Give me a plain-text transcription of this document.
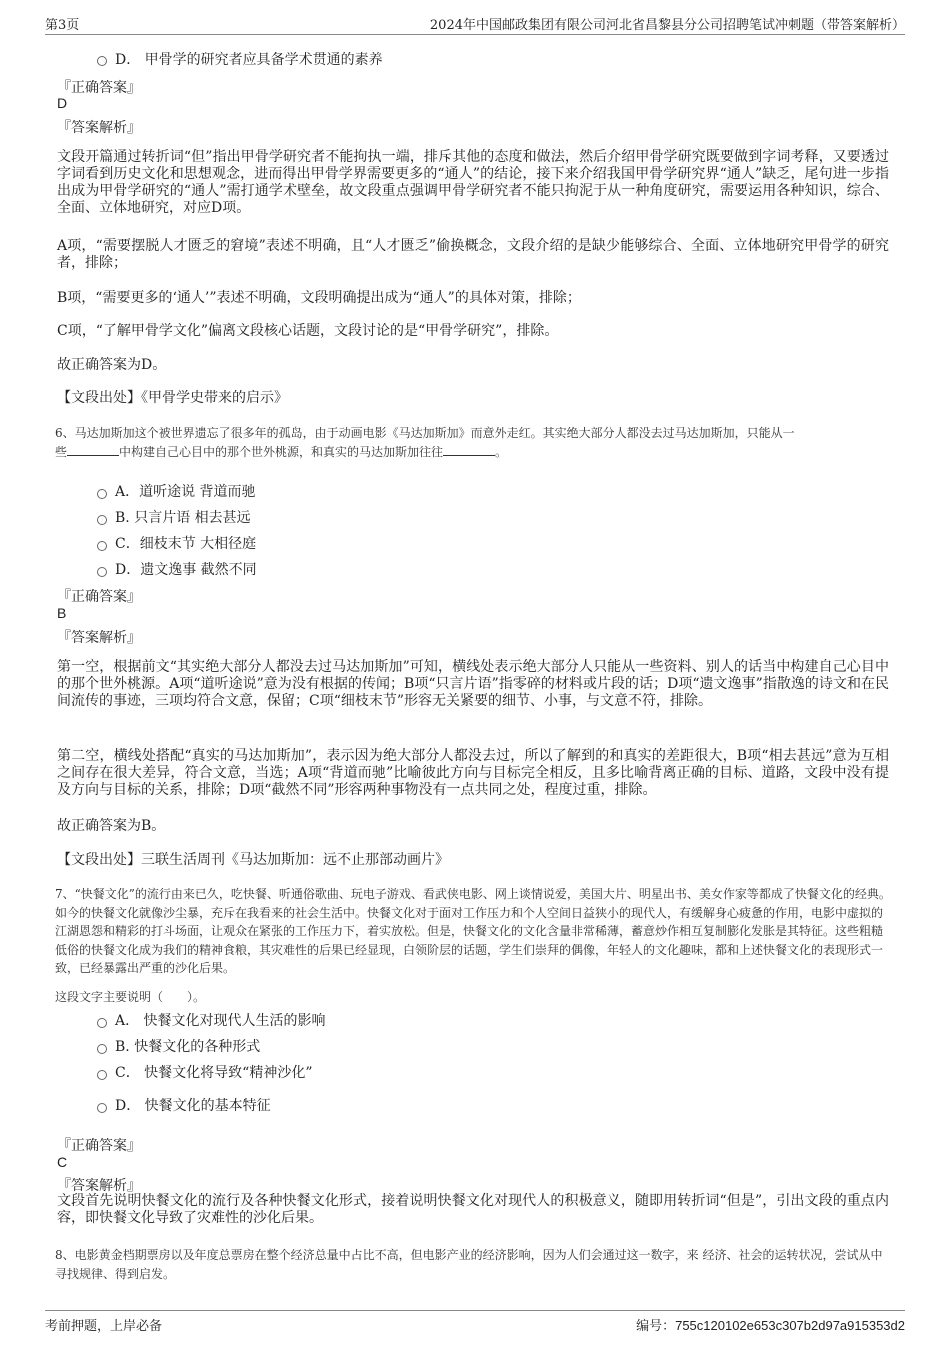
第3页	2024年中国邮政集团有限公司河北省昌黎县分公司招聘笔试冲刺题（带答案解析）
D． 甲骨学的研究者应具备学术贯通的素养
『正确答案』
D
『答案解析』
文段开篇通过转折词“但”指出甲骨学研究者不能拘执一端，排斥其他的态度和做法，然后介绍甲骨学研究既要做到字词考释，又要透过字词看到历史文化和思想观念，进而得出甲骨学界需要更多的“通人”的结论，接下来介绍我国甲骨学研究界“通人”缺乏，尾句进一步指出成为甲骨学研究的“通人”需打通学术壁垒，故文段重点强调甲骨学研究者不能只拘泥于从一种角度研究，需要运用各种知识，综合、全面、立体地研究，对应D项。
A项，“需要摆脱人才匮乏的窘境”表述不明确，且“人才匮乏”偷换概念，文段介绍的是缺少能够综合、全面、立体地研究甲骨学的研究者，排除；
B项，“需要更多的‘通人’”表述不明确，文段明确提出成为“通人”的具体对策，排除；
C项，“了解甲骨学文化”偏离文段核心话题，文段讨论的是“甲骨学研究”，排除。
故正确答案为D。
【文段出处】《甲骨学史带来的启示》
6、马达加斯加这个被世界遗忘了很多年的孤岛，由于动画电影《马达加斯加》而意外走红。其实绝大部分人都没去过马达加斯加，只能从一
些	中构建自己心目中的那个世外桃源，和真实的马达加斯加往往	。
A．道听途说 背道而驰
B. 只言片语 相去甚远
C．细枝末节 大相径庭
D．遗文逸事 截然不同
『正确答案』
B
『答案解析』
第一空，根据前文“其实绝大部分人都没去过马达加斯加”可知，横线处表示绝大部分人只能从一些资料、别人的话当中构建自己心目中的那个世外桃源。A项“道听途说”意为没有根据的传闻；B项“只言片语”指零碎的材料或片段的话；D项“遗文逸事”指散逸的诗文和在民间流传的事迹，三项均符合文意，保留；C项“细枝末节”形容无关紧要的细节、小事，与文意不符，排除。
第二空，横线处搭配“真实的马达加斯加”，表示因为绝大部分人都没去过，所以了解到的和真实的差距很大，B项“相去甚远”意为互相之间存在很大差异，符合文意，当选；A项“背道而驰”比喻彼此方向与目标完全相反，且多比喻背离正确的目标、道路，文段中没有提及方向与目标的关系，排除；D项“截然不同”形容两种事物没有一点共同之处，程度过重，排除。
故正确答案为B。
【文段出处】三联生活周刊《马达加斯加：远不止那部动画片》
7、“快餐文化”的流行由来已久，吃快餐、听通俗歌曲、玩电子游戏、看武侠电影、网上谈情说爱，美国大片、明星出书、美女作家等都成了快餐文化的经典。如今的快餐文化就像沙尘暴，充斥在我看来的社会生活中。快餐文化对于面对工作压力和个人空间日益狭小的现代人，有缓解身心疲惫的作用，电影中虚拟的江湖恩怨和精彩的打斗场面，让观众在紧张的工作压力下，着实放松。但是，快餐文化的文化含量非常稀薄，蓄意炒作相互复制膨化发胀是其特征。这些粗糙低俗的快餐文化成为我们的精神食粮，其灾难性的后果已经显现，白领阶层的话题，学生们崇拜的偶像，年轻人的文化趣味，都和上述快餐文化的表现形式一致，已经暴露出严重的沙化后果。
这段文字主要说明（　　）。
A． 快餐文化对现代人生活的影响
B. 快餐文化的各种形式
C． 快餐文化将导致“精神沙化”
D． 快餐文化的基本特征
『正确答案』
C
『答案解析』
文段首先说明快餐文化的流行及各种快餐文化形式，接着说明快餐文化对现代人的积极意义，随即用转折词“但是”，引出文段的重点内容，即快餐文化导致了灾难性的沙化后果。
8、电影黄金档期票房以及年度总票房在整个经济总量中占比不高，但电影产业的经济影响，因为人们会通过这一数字，来 经济、社会的运转状况，尝试从中寻找规律、得到启发。
考前押题，上岸必备	编号：755c120102e653c307b2d97a915353d2
